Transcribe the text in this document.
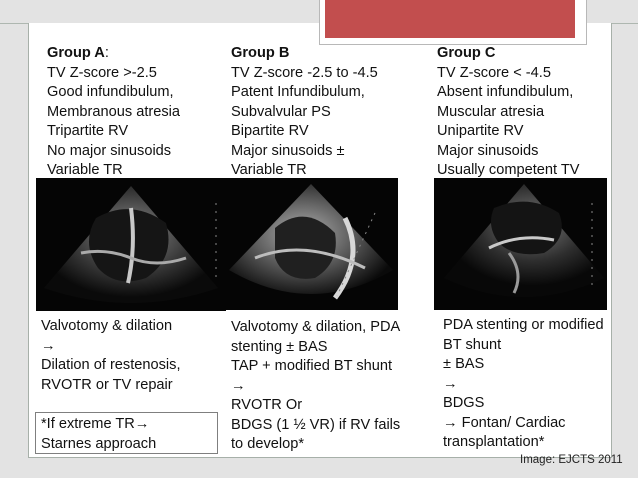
Group A:
TV Z-score >-2.5
Good infundibulum,
Membranous atresia
Tripartite RV
No major sinusoids
Variable TR
Group B
TV Z-score -2.5 to -4.5
Patent Infundibulum,
Subvalvular PS
Bipartite RV
Major sinusoids ±
Variable TR
Group C
TV Z-score < -4.5
Absent infundibulum,
Muscular atresia
Unipartite RV
Major sinusoids
Usually competent TV
Valvotomy & dilation
→
Dilation of restenosis,
RVOTR or TV repair
Valvotomy & dilation, PDA
stenting ± BAS
TAP + modified BT shunt
→
RVOTR Or
BDGS (1 ½ VR) if RV fails
to develop*
PDA stenting or modified
BT shunt
± BAS
→
BDGS
→ Fontan/ Cardiac
transplantation*
*If extreme TR→
Starnes approach
Image: EJCTS 2011
